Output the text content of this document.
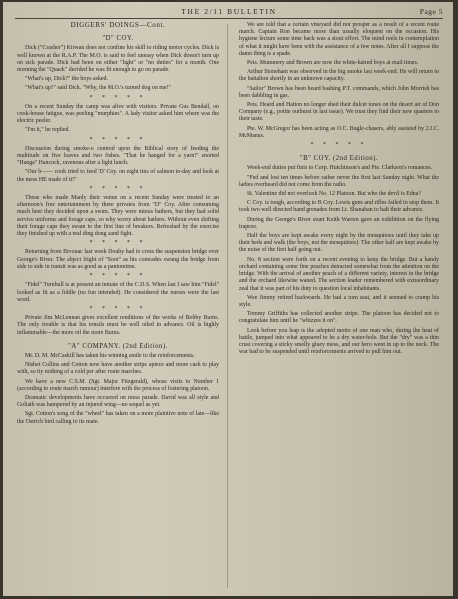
THE 2/11 BULLETIN	Page 5
DIGGERS' DOINGS—Cont.
"D" COY.

Dick ("Crasher") Kirwan does not confine his skill to riding motor cycles. Dick is well known at the R.A.P. The M.O. is said to feel uneasy when Dick doesn't turn up on sick parade. Dick had been on either "light" or "no duties" for a month. One morning the "Quack" decided he was fit enough to go on parade.

"What's up, Dick?" the boys asked.

"What's up?" said Dick. "Why, the M.O.'s turned dog on me!"

* * * * *

On a recent Sunday the camp was alive with visitors. Private Gus Bendall, on cook-house fatigue, was peeling "murphies". A lady visitor asked him where was the electric peeler.

"I'm it," he replied.

* * * * *

Discussion during smoke-o centred upon the Biblical story of feeding the multitude on five loaves and two fishes. "That be hanged for a yarn!" snorted "Hanga" Hancock, ravenous after a light lunch.

"Our b—— cook tried to feed 'D' Coy. on eight tins of salmon to-day and look at the mess HE made of it!"

* * * * *

Those who made Manly their venue on a recent Sunday were treated to an afternoon's free entertainment by three privates from "D" Coy. After consuming much beer they decided upon a swim. They were minus bathers, but they had solid service uniforms and forage caps, so why worry about bathers. Without even shifting their forage caps they swam to the first line of breakers. Refreshed by the exercise they finished up with a real ding dong sand fight.

* * * * *

Returning from Bivouac last week Douby had to cross the suspension bridge over George's River. The abject fright of "Soot" as his comrades swung the bridge from side to side in transit was as good as a pantomime.

* * * * *

"Fidel" Turnbull is at present an inmate of the C.D.S. When last I saw him "Fidel" looked as fit as a fiddle (no fun intended). He considered the nurses were the last word.

* * * * *

Private Jim McLennan gives excellent renditions of the works of Bobby Burns. The only trouble is that his tonsils must be well oiled in advance. Oil is highly inflammable—the more oil the more Burns.

"A" COMPANY. (2nd Edition).

Mr. D. M. McCaskill has taken his winning smile to the reinforcements.

Nisbet Collins and Cotton now have another stripe apiece and more cash to play with, so tiy nothing of a cold per after route marches.

We have a new C.S.M. (Sgt. Major Fitzgerald), whose visits to Number 1 (according to route march rumour) interfere with the process of fostering platoon.

Dramatic developments have occurred on mess parade. David was all style and Goliath was hampered by an injured wing—no sequel as yet.

Sgt. Cotton's song of the "wheel" has taken on a more plaintive note of late—like the Ostrich bird calling to its mate.

We are told that a certain vineyard did not prosper as a result of a recent route march. Captain Ron became more than usually eloquent on the occasion. His hygiene lecture some time back was a stout effort. The mind reels in contemplation of what it might have been with the assistance of a few notes. After all I suppose the damn thing is a spade.

Pets. Mummery and Brown are now the white-haired boys at mail times.

Arthur Stoneham was observed in the big smoke last week-end. He will return to the battalion shortly in an unknown capacity.

"Sailor" Brown has been heard bashing P.T. commands, which John Morrish has been dabbling in gas.

Pets. Heard and Hatton no longer shed their dulcet tones on the desert air of Don Company (e.g., pottie outburst in last issue). We trust they find their new quarters to their taste.

Pte. W. McGregor has been acting as O.C. Bugle-chasers, ably assisted by 2.I.C. McManus.

* * * * *
"B" COY. (2nd Edition).

Week-end duties put finis to Corp. Hutchinson's and Pte. Clarkson's romances.

"Fed and lost ten times before rather never the first last Sunday night. What the ladies overheard did not come from the radio.

St. Valentine did not overlook No. 12 Platoon. But who the devil is Edna?

C Coy. is tough, according to B Coy. Lewis guns and rifles failed to stop them. It took two well directed hand grenades from Lt. Shanahan to halt their advance.

During the George's River stunt Keith Warren gave an exhibition on the flying trapeze.

Half the boys are kept awake every night by the mosquitoes until they take up their beds and walk (the boys, not the mosquitoes). The other half are kept awake by the noise of the first half going out.

No. 8 section were forth on a recent evening to keep the bridge. But a handy orchard containing some fine peaches detracted somewhat from the attention on the bridge. With the arrival of another peach of a different variety, interest in the bridge and the orchard likewise waned. The section leader remembered with extraordinary zeal that it was part of his duty to question local inhabitants.

Wee Jimmy retired backwards. He had a torn seat, and it seemed to cramp his style.

Tommy Griffiths has collected another stripe. The platoon has decided not to congratulate him until he "whizzes it on".

Look before you leap is the adopted motto of one man who, during the heat of battle, jumped into what appeared to be a dry water-hole. But the "dry" was a thin crust covering a sticky smelly gluey mess, and our hero went in up to the neck. The war had to be suspended until reinforcements arrived to pull him out.
